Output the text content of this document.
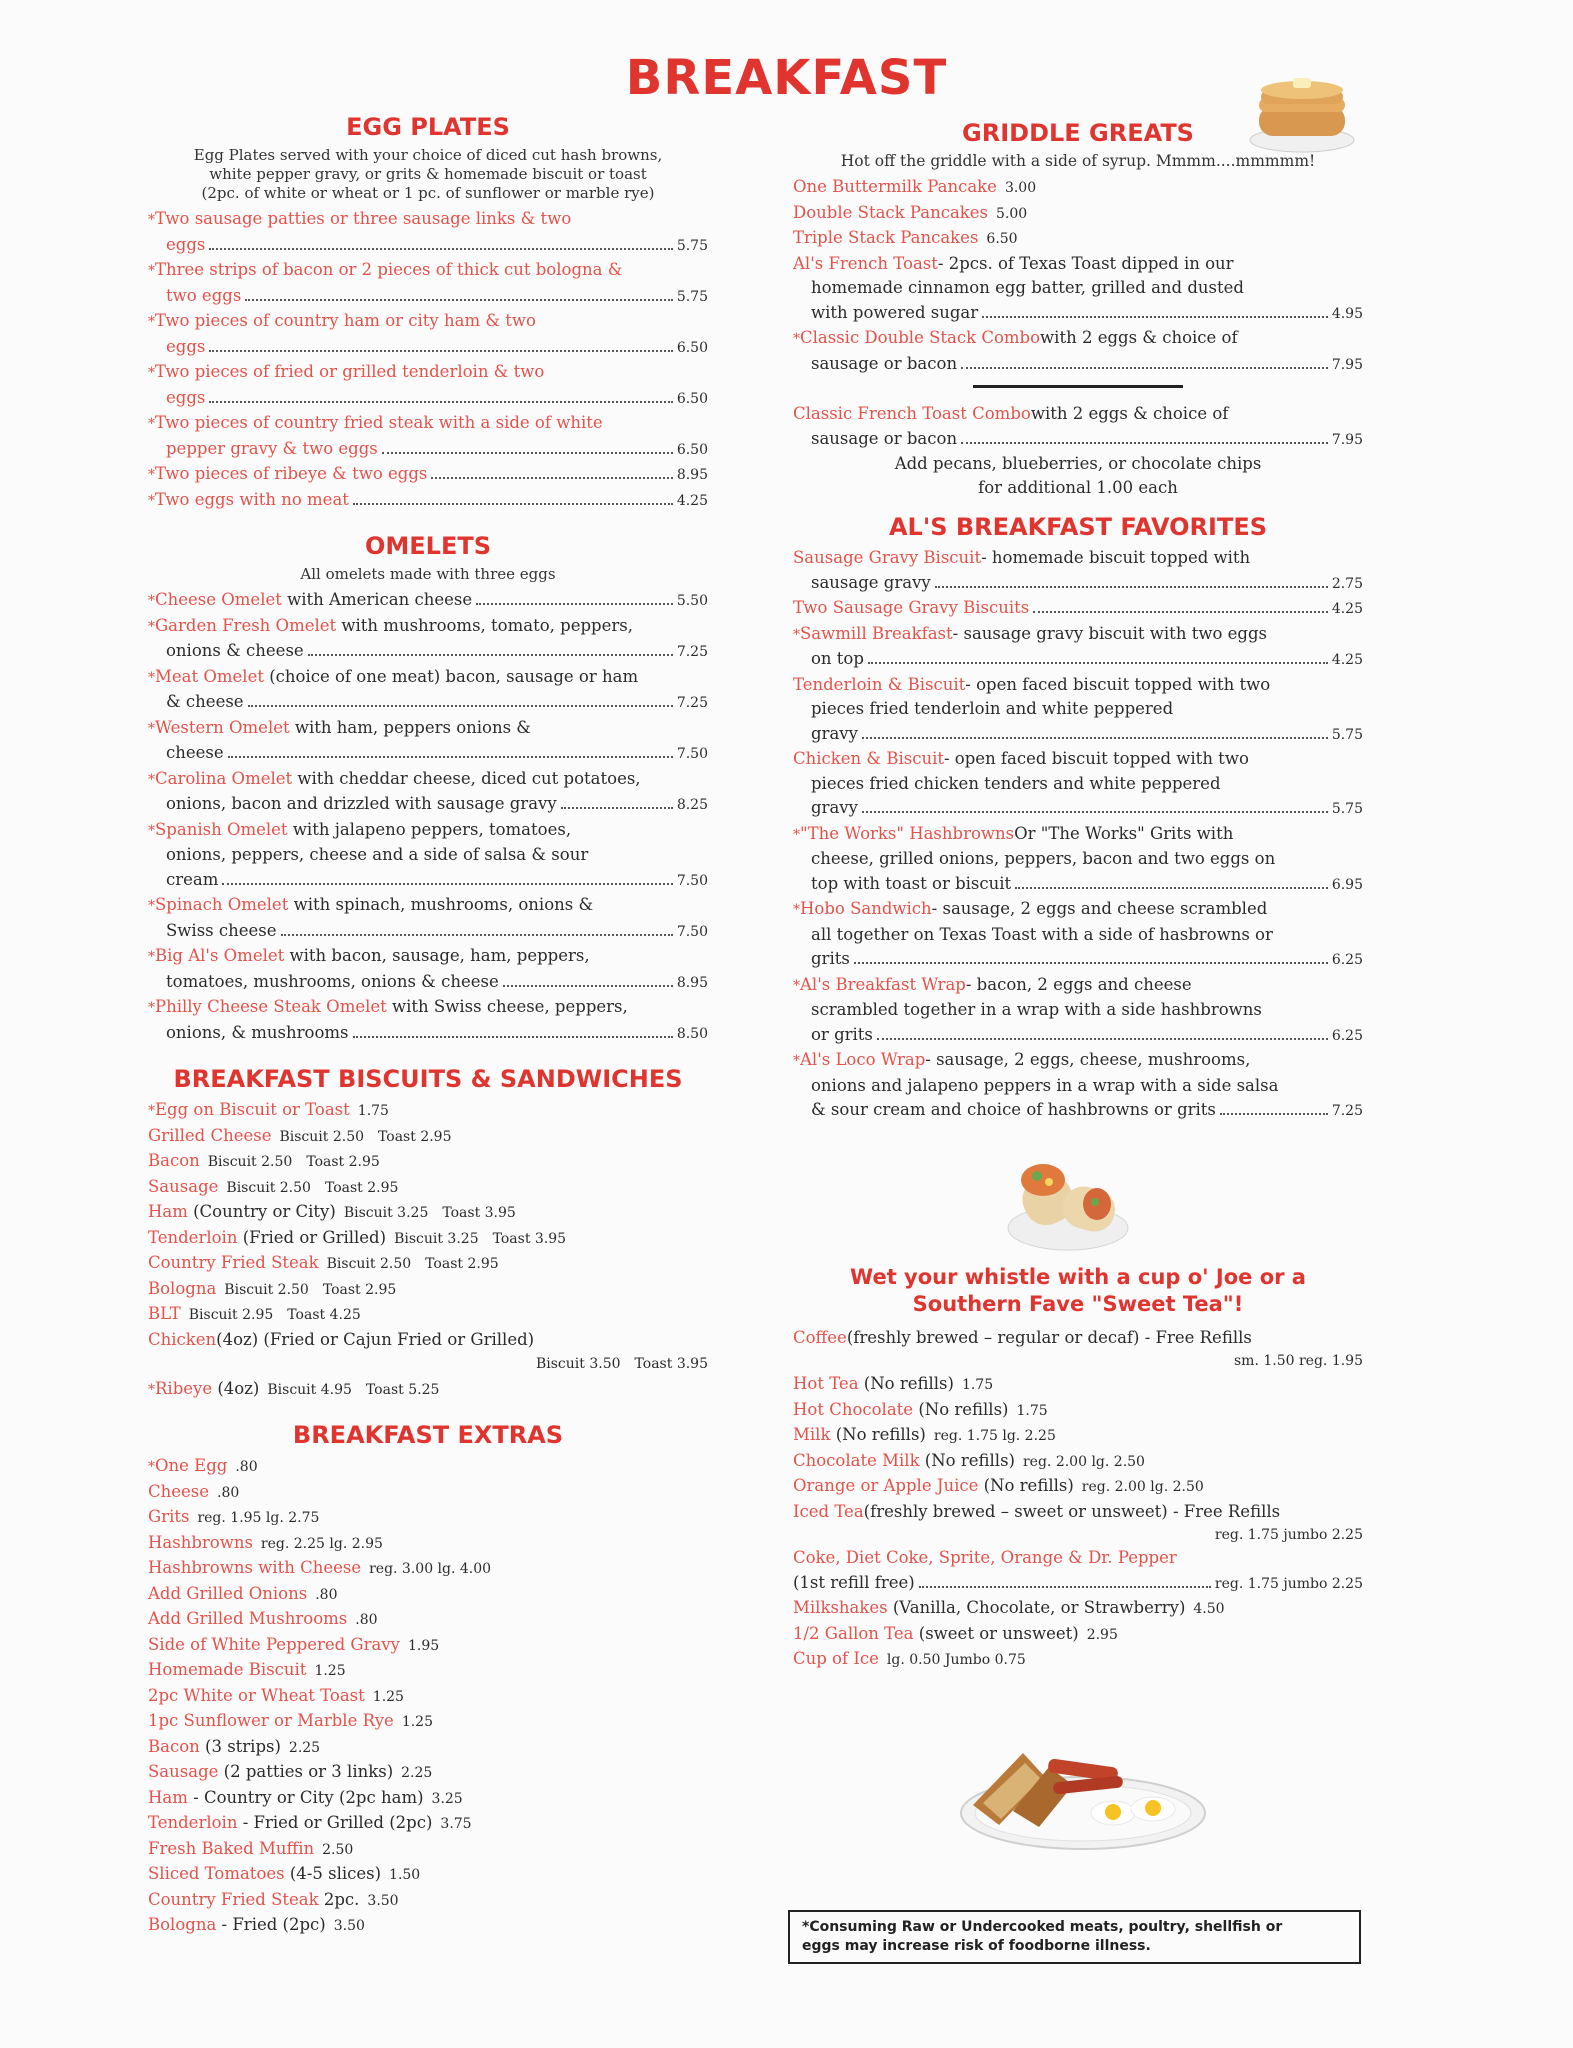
BREAKFAST
EGG PLATES
Egg Plates served with your choice of diced cut hash browns,
white pepper gravy, or grits & homemade biscuit or toast
(2pc. of white or wheat or 1 pc. of sunflower or marble rye)
* Two sausage patties or three sausage links & two
eggs	5.75
* Three strips of bacon or 2 pieces of thick cut bologna &
two eggs	5.75
* Two pieces of country ham or city ham & two
eggs	6.50
* Two pieces of fried or grilled tenderloin & two
eggs	6.50
* Two pieces of country fried steak with a side of white
pepper gravy & two eggs	6.50
* Two pieces of ribeye & two eggs	8.95
* Two eggs with no meat	4.25
OMELETS
All omelets made with three eggs
* Cheese Omelet
with American cheese	5.50
* Garden Fresh Omelet
with mushrooms, tomato, peppers,
onions & cheese	7.25
* Meat Omelet
(choice of one meat) bacon, sausage or ham
& cheese	7.25
* Western Omelet
with ham, peppers onions &
cheese	7.50
* Carolina Omelet
with cheddar cheese, diced cut potatoes,
onions, bacon and drizzled with sausage gravy	8.25
* Spanish Omelet
with jalapeno peppers, tomatoes,
onions, peppers, cheese and a side of salsa & sour
cream	7.50
* Spinach Omelet
with spinach, mushrooms, onions &
Swiss cheese	7.50
* Big Al's Omelet
with bacon, sausage, ham, peppers,
tomatoes, mushrooms, onions & cheese	8.95
* Philly Cheese Steak Omelet
with Swiss cheese, peppers,
onions, & mushrooms	8.50
BREAKFAST BISCUITS & SANDWICHES
*Egg on Biscuit or Toast 1.75
Grilled Cheese Biscuit 2.50 Toast 2.95
Bacon Biscuit 2.50 Toast 2.95
Sausage Biscuit 2.50 Toast 2.95
Ham (Country or City) Biscuit 3.25 Toast 3.95
Tenderloin (Fried or Grilled) Biscuit 3.25 Toast 3.95
Country Fried Steak Biscuit 2.50 Toast 2.95
Bologna Biscuit 2.50 Toast 2.95
BLT Biscuit 2.95 Toast 4.25
Chicken (4oz) (Fried or Cajun Fried or Grilled)
Biscuit 3.50 Toast 3.95
*Ribeye (4oz) Biscuit 4.95 Toast 5.25
BREAKFAST EXTRAS
*One Egg .80
Cheese .80
Grits reg. 1.95 lg. 2.75
Hashbrowns reg. 2.25 lg. 2.95
Hashbrowns with Cheese reg. 3.00 lg. 4.00
Add Grilled Onions .80
Add Grilled Mushrooms .80
Side of White Peppered Gravy 1.95
Homemade Biscuit 1.25
2pc White or Wheat Toast 1.25
1pc Sunflower or Marble Rye 1.25
Bacon (3 strips) 2.25
Sausage (2 patties or 3 links) 2.25
Ham - Country or City (2pc ham) 3.25
Tenderloin - Fried or Grilled (2pc) 3.75
Fresh Baked Muffin 2.50
Sliced Tomatoes (4-5 slices) 1.50
Country Fried Steak 2pc. 3.50
Bologna - Fried (2pc) 3.50
GRIDDLE GREATS
Hot off the griddle with a side of syrup. Mmmm....mmmmm!
One Buttermilk Pancake 3.00
Double Stack Pancakes 5.00
Triple Stack Pancakes 6.50
Al's French Toast - 2pcs. of Texas Toast dipped in our
homemade cinnamon egg batter, grilled and dusted
with powered sugar	4.95
* Classic Double Stack Combo with 2 eggs & choice of
sausage or bacon	7.95
Classic French Toast Combo with 2 eggs & choice of
sausage or bacon	7.95
Add pecans, blueberries, or chocolate chips
for additional 1.00 each
AL'S BREAKFAST FAVORITES
Sausage Gravy Biscuit - homemade biscuit topped with
sausage gravy	2.75
Two Sausage Gravy Biscuits	4.25
* Sawmill Breakfast - sausage gravy biscuit with two eggs
on top	4.25
Tenderloin & Biscuit - open faced biscuit topped with two
pieces fried tenderloin and white peppered
gravy	5.75
Chicken & Biscuit - open faced biscuit topped with two
pieces fried chicken tenders and white peppered
gravy	5.75
* "The Works" Hashbrowns Or "The Works" Grits with
cheese, grilled onions, peppers, bacon and two eggs on
top with toast or biscuit	6.95
* Hobo Sandwich - sausage, 2 eggs and cheese scrambled
all together on Texas Toast with a side of hasbrowns or
grits	6.25
* Al's Breakfast Wrap - bacon, 2 eggs and cheese
scrambled together in a wrap with a side hashbrowns
or grits	6.25
* Al's Loco Wrap - sausage, 2 eggs, cheese, mushrooms,
onions and jalapeno peppers in a wrap with a side salsa
& sour cream and choice of hashbrowns or grits	7.25
Wet your whistle with a cup o' Joe or a
Southern Fave "Sweet Tea"!
Coffee (freshly brewed – regular or decaf) - Free Refills
sm. 1.50 reg. 1.95
Hot Tea (No refills) 1.75
Hot Chocolate (No refills) 1.75
Milk (No refills) reg. 1.75 lg. 2.25
Chocolate Milk (No refills) reg. 2.00 lg. 2.50
Orange or Apple Juice (No refills) reg. 2.00 lg. 2.50
Iced Tea (freshly brewed – sweet or unsweet) - Free Refills
reg. 1.75 jumbo 2.25
Coke, Diet Coke, Sprite, Orange & Dr. Pepper
(1st refill free)	reg. 1.75 jumbo 2.25
Milkshakes (Vanilla, Chocolate, or Strawberry) 4.50
1/2 Gallon Tea (sweet or unsweet) 2.95
Cup of Ice lg. 0.50 Jumbo 0.75
*Consuming Raw or Undercooked meats, poultry, shellfish or
eggs may increase risk of foodborne illness.
